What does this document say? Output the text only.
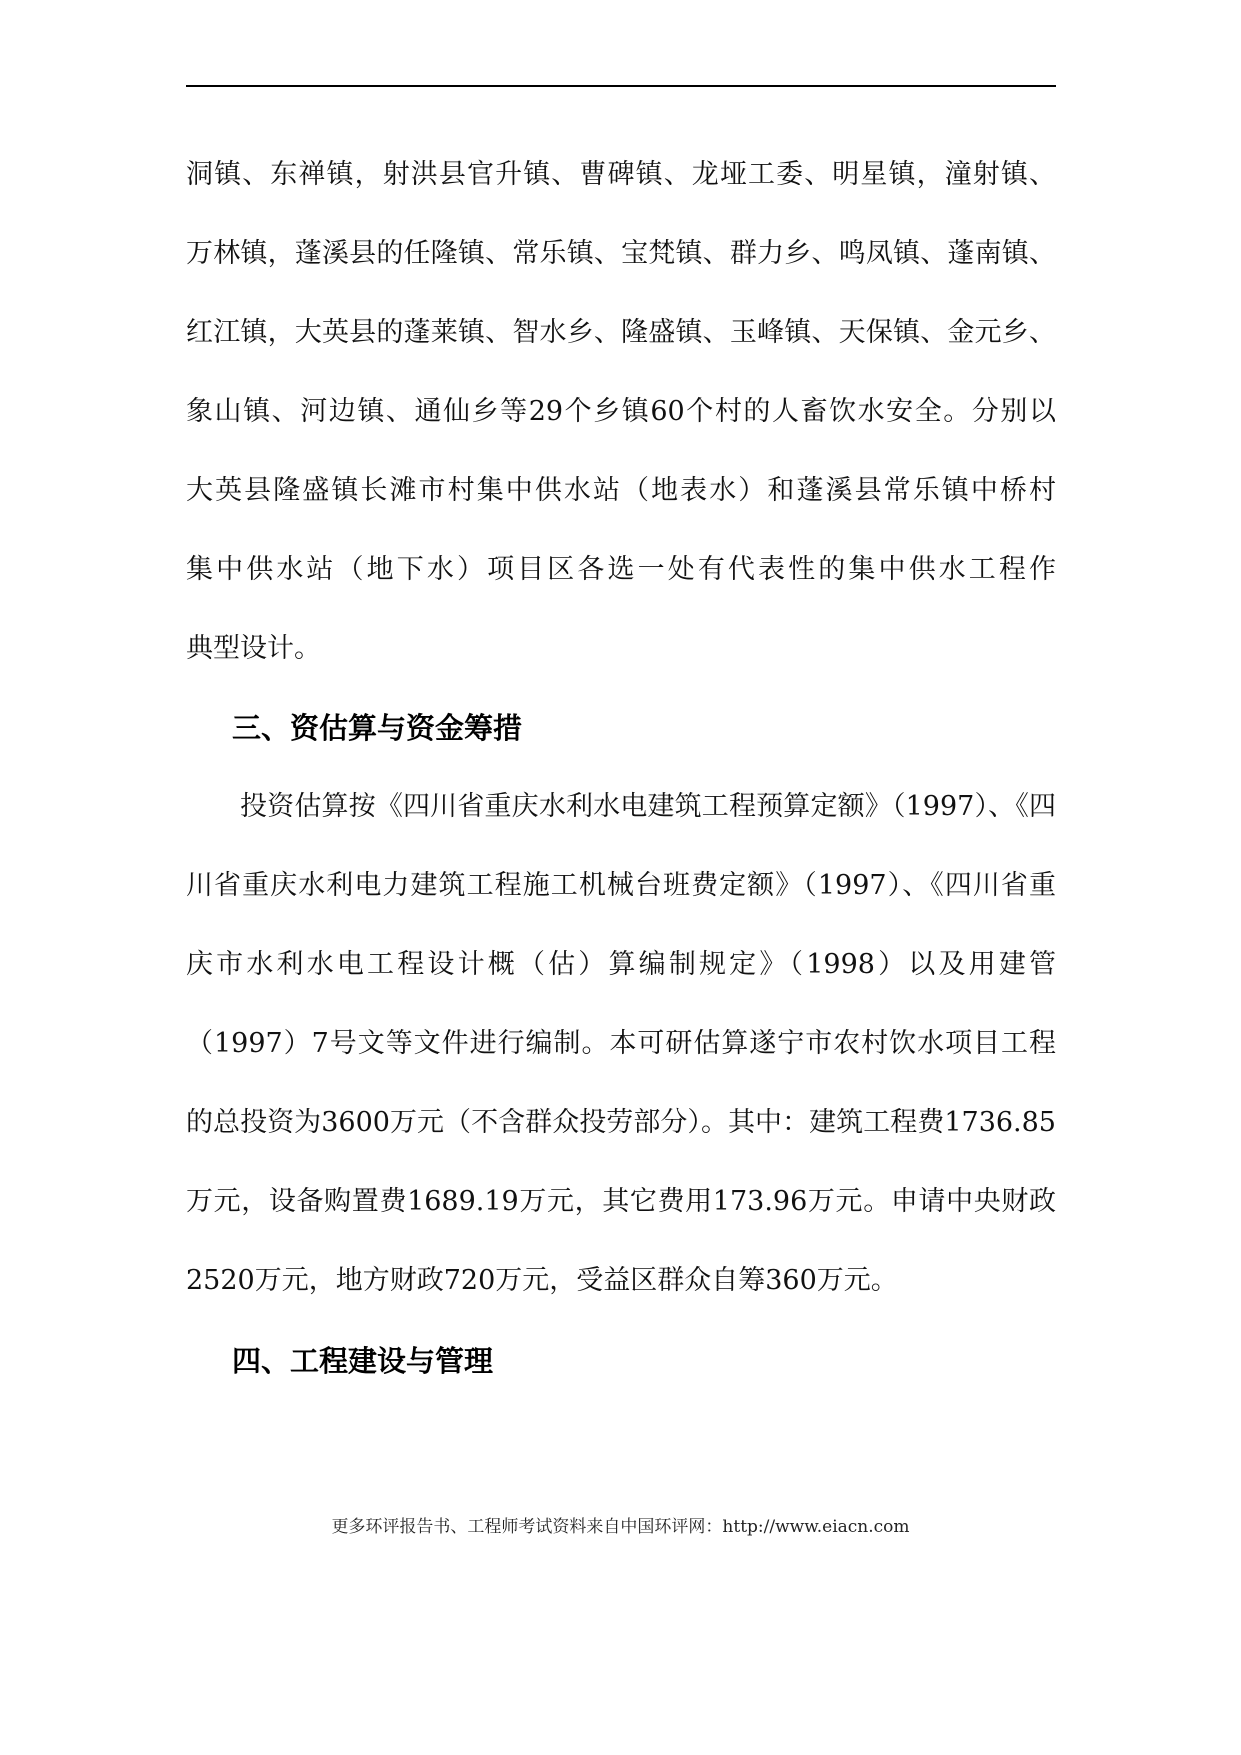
洞镇、东禅镇，射洪县官升镇、曹碑镇、龙垭工委、明星镇，潼射镇、
万林镇，蓬溪县的任隆镇、常乐镇、宝梵镇、群力乡、鸣凤镇、蓬南镇、
红江镇，大英县的蓬莱镇、智水乡、隆盛镇、玉峰镇、天保镇、金元乡、
象山镇、河边镇、通仙乡等29个乡镇60个村的人畜饮水安全。分别以
大英县隆盛镇长滩市村集中供水站（地表水）和蓬溪县常乐镇中桥村
集中供水站（地下水）项目区各选一处有代表性的集中供水工程作
典型设计。
三、资估算与资金筹措
投资估算按《四川省重庆水利水电建筑工程预算定额》（1997）、《四
川省重庆水利电力建筑工程施工机械台班费定额》（1997）、《四川省重
庆市水利水电工程设计概（估）算编制规定》（1998）以及用建管
（1997）7号文等文件进行编制。本可研估算遂宁市农村饮水项目工程
的总投资为3600万元（不含群众投劳部分）。其中：建筑工程费1736.85
万元，设备购置费1689.19万元，其它费用173.96万元。申请中央财政
2520万元，地方财政720万元，受益区群众自筹360万元。
四、工程建设与管理
更多环评报告书、工程师考试资料来自中国环评网：http://www.eiacn.com
